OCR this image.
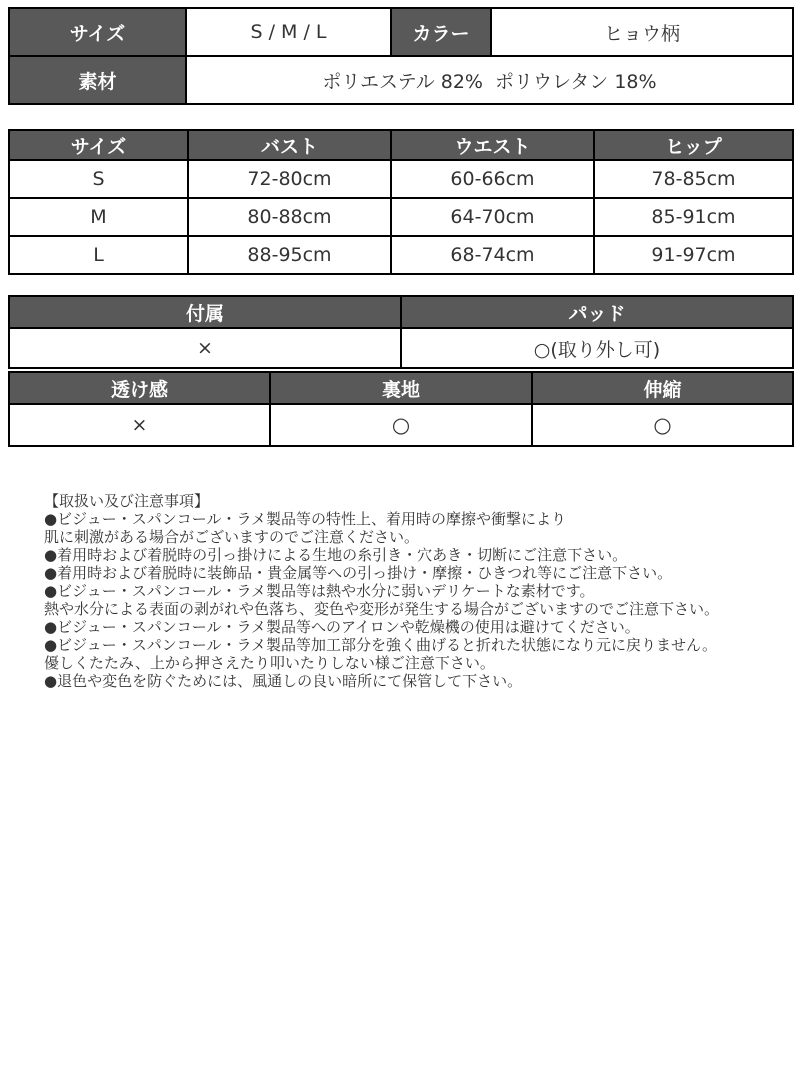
サイズ	S / M / L	カラー	ヒョウ柄
素材	ポリエステル 82%  ポリウレタン 18%		
サイズ	バスト	ウエスト	ヒップ
S	72-80cm	60-66cm	78-85cm
M	80-88cm	64-70cm	85-91cm
L	88-95cm	68-74cm	91-97cm
付属	パッド
×	○(取り外し可)
透け感	裏地	伸縮
×	○	○
【取扱い及び注意事項】
●ビジュー・スパンコール・ラメ製品等の特性上、着用時の摩擦や衝撃により
肌に刺激がある場合がございますのでご注意ください。
●着用時および着脱時の引っ掛けによる生地の糸引き・穴あき・切断にご注意下さい。
●着用時および着脱時に装飾品・貴金属等への引っ掛け・摩擦・ひきつれ等にご注意下さい。
●ビジュー・スパンコール・ラメ製品等は熱や水分に弱いデリケートな素材です。
熱や水分による表面の剥がれや色落ち、変色や変形が発生する場合がございますのでご注意下さい。
●ビジュー・スパンコール・ラメ製品等へのアイロンや乾燥機の使用は避けてください。
●ビジュー・スパンコール・ラメ製品等加工部分を強く曲げると折れた状態になり元に戻りません。
優しくたたみ、上から押さえたり叩いたりしない様ご注意下さい。
●退色や変色を防ぐためには、風通しの良い暗所にて保管して下さい。
